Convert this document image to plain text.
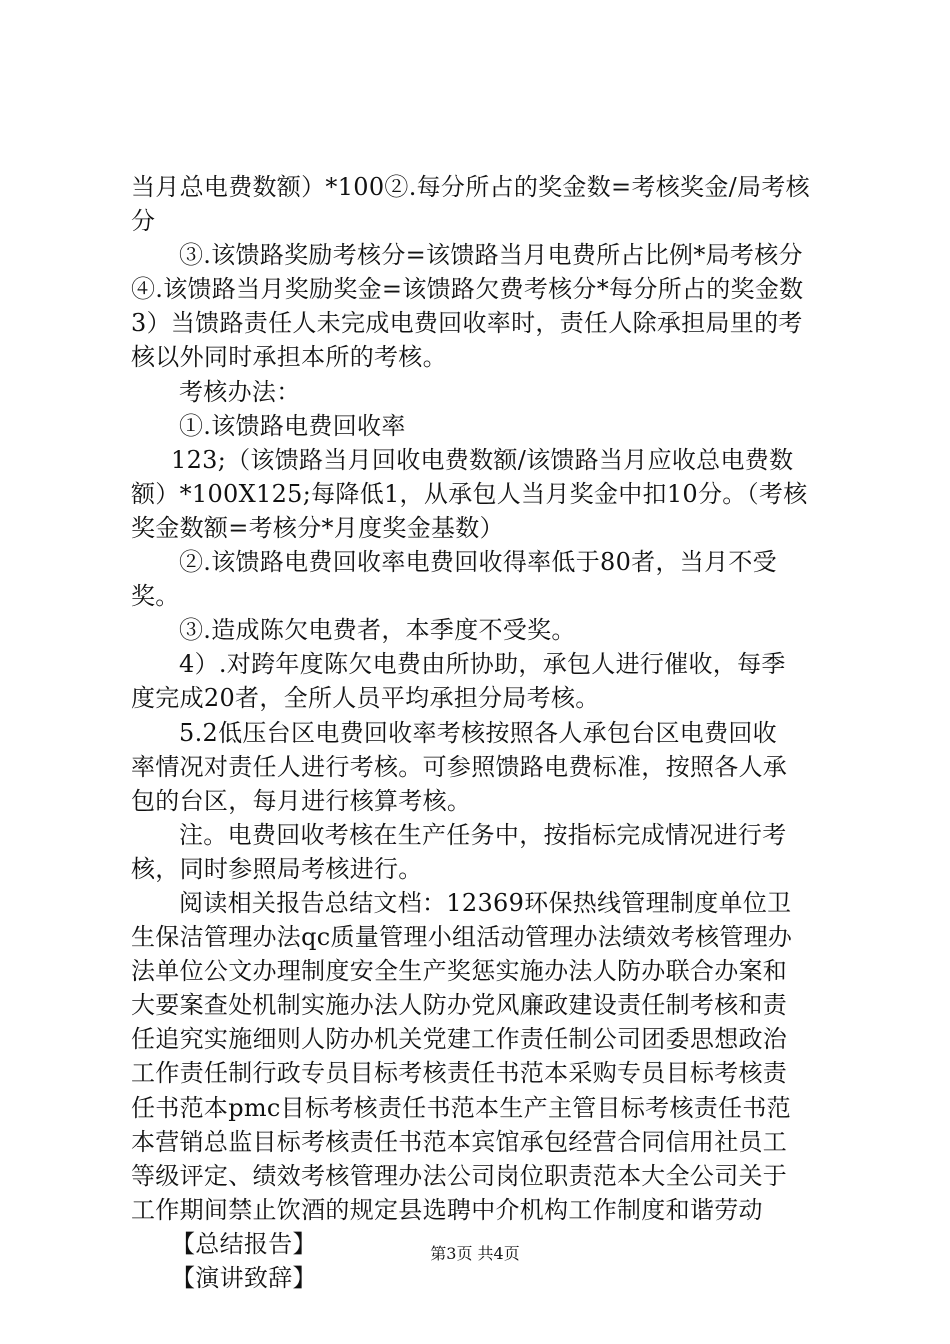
当月总电费数额）*100②.每分所占的奖金数=考核奖金/局考核
分
③.该馈路奖励考核分=该馈路当月电费所占比例*局考核分
④.该馈路当月奖励奖金=该馈路欠费考核分*每分所占的奖金数
3）当馈路责任人未完成电费回收率时，责任人除承担局里的考
核以外同时承担本所的考核。
考核办法：
①.该馈路电费回收率
123;（该馈路当月回收电费数额/该馈路当月应收总电费数
额）*100X125;每降低1，从承包人当月奖金中扣10分。（考核
奖金数额=考核分*月度奖金基数）
②.该馈路电费回收率电费回收得率低于80者，当月不受
奖。
③.造成陈欠电费者，本季度不受奖。
4）.对跨年度陈欠电费由所协助，承包人进行催收，每季
度完成20者，全所人员平均承担分局考核。
5.2低压台区电费回收率考核按照各人承包台区电费回收
率情况对责任人进行考核。可参照馈路电费标准，按照各人承
包的台区，每月进行核算考核。
注。电费回收考核在生产任务中，按指标完成情况进行考
核，同时参照局考核进行。
阅读相关报告总结文档：12369环保热线管理制度单位卫
生保洁管理办法qc质量管理小组活动管理办法绩效考核管理办
法单位公文办理制度安全生产奖惩实施办法人防办联合办案和
大要案查处机制实施办法人防办党风廉政建设责任制考核和责
任追究实施细则人防办机关党建工作责任制公司团委思想政治
工作责任制行政专员目标考核责任书范本采购专员目标考核责
任书范本pmc目标考核责任书范本生产主管目标考核责任书范
本营销总监目标考核责任书范本宾馆承包经营合同信用社员工
等级评定、绩效考核管理办法公司岗位职责范本大全公司关于
工作期间禁止饮酒的规定县选聘中介机构工作制度和谐劳动
【总结报告】
【演讲致辞】
第3页 共4页
